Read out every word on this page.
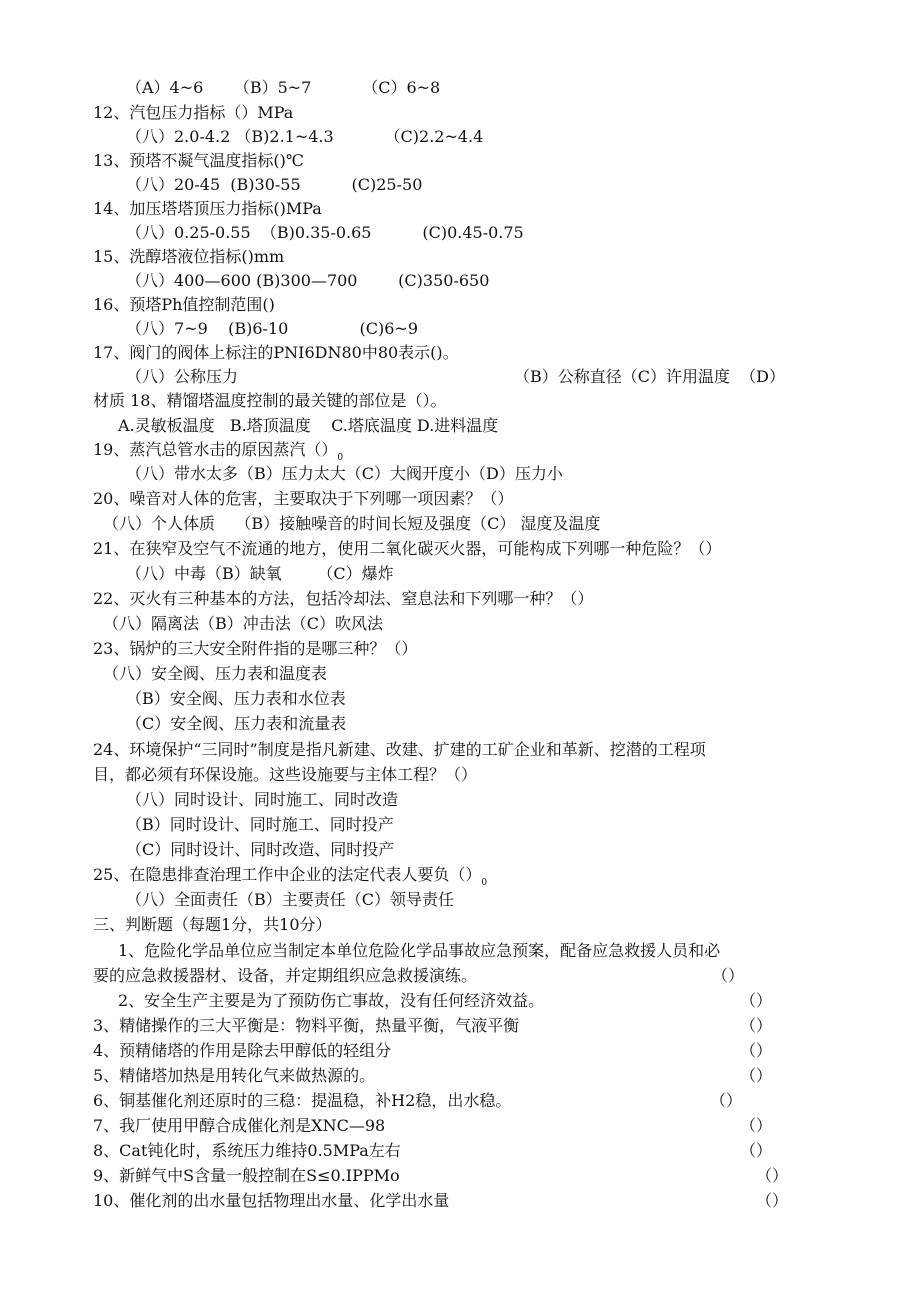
（A）4~6      （B）5~7          （C）6~8
12、汽包压力指标（）MPa
（八）2.0-4.2 （B)2.1~4.3          （C)2.2~4.4
13、预塔不凝气温度指标()℃
（八）20-45  (B)30-55          (C)25-50
14、加压塔塔顶压力指标()MPa
（八）0.25-0.55  （B)0.35-0.65          (C)0.45-0.75
15、洗醇塔液位指标()mm
（八）400—600 (B)300—700        (C)350-650
16、预塔Ph值控制范围()
（八）7~9    (B)6-10              (C)6~9
17、阀门的阀体上标注的PNI6DN80中80表示()。
（八）公称压力	（B）公称直径（C）许用温度  （D）
材质 18、精馏塔温度控制的最关键的部位是（）。
A.灵敏板温度   B.塔顶温度    C.塔底温度 D.进料温度
19、蒸汽总管水击的原因蒸汽$()_0$
（八）带水太多（B）压力太大（C）大阀开度小（D）压力小
20、噪音对人体的危害，主要取决于下列哪一项因素？（）
（八）个人体质    （B）接触噪音的时间长短及强度（C） 湿度及温度
21、在狭窄及空气不流通的地方，使用二氧化碳灭火器，可能构成下列哪一种危险？（）
（八）中毒（B）缺氧       （C）爆炸
22、灭火有三种基本的方法，包括冷却法、窒息法和下列哪一种？（）
（八）隔离法（B）冲击法（C）吹风法
23、锅炉的三大安全附件指的是哪三种？（）
（八）安全阀、压力表和温度表
（B）安全阀、压力表和水位表
（C）安全阀、压力表和流量表
24、环境保护“三同时”制度是指凡新建、改建、扩建的工矿企业和革新、挖潜的工程项
目，都必须有环保设施。这些设施要与主体工程？（）
（八）同时设计、同时施工、同时改造
（B）同时设计、同时施工、同时投产
（C）同时设计、同时改造、同时投产
25、在隐患排查治理工作中企业的法定代表人要负$()_0$
（八）全面责任（B）主要责任（C）领导责任
三、判断题（每题1分，共10分）
1、危险化学品单位应当制定本单位危险化学品事故应急预案，配备应急救援人员和必
要的应急救援器材、设备，并定期组织应急救援演练。	（）
2、安全生产主要是为了预防伤亡事故，没有任何经济效益。	（）
3、精储操作的三大平衡是：物料平衡，热量平衡，气液平衡	（）
4、预精储塔的作用是除去甲醇低的轻组分	（）
5、精储塔加热是用转化气来做热源的。	（）
6、铜基催化剂还原时的三稳：提温稳，补H2稳，出水稳。	（）
7、我厂使用甲醇合成催化剂是XNC—98	（）
8、Cat钝化时，系统压力维持0.5MPa左右	（）
9、新鲜气中S含量一般控制在S≤0.IPPMo	（）
10、催化剂的出水量包括物理出水量、化学出水量	（）
